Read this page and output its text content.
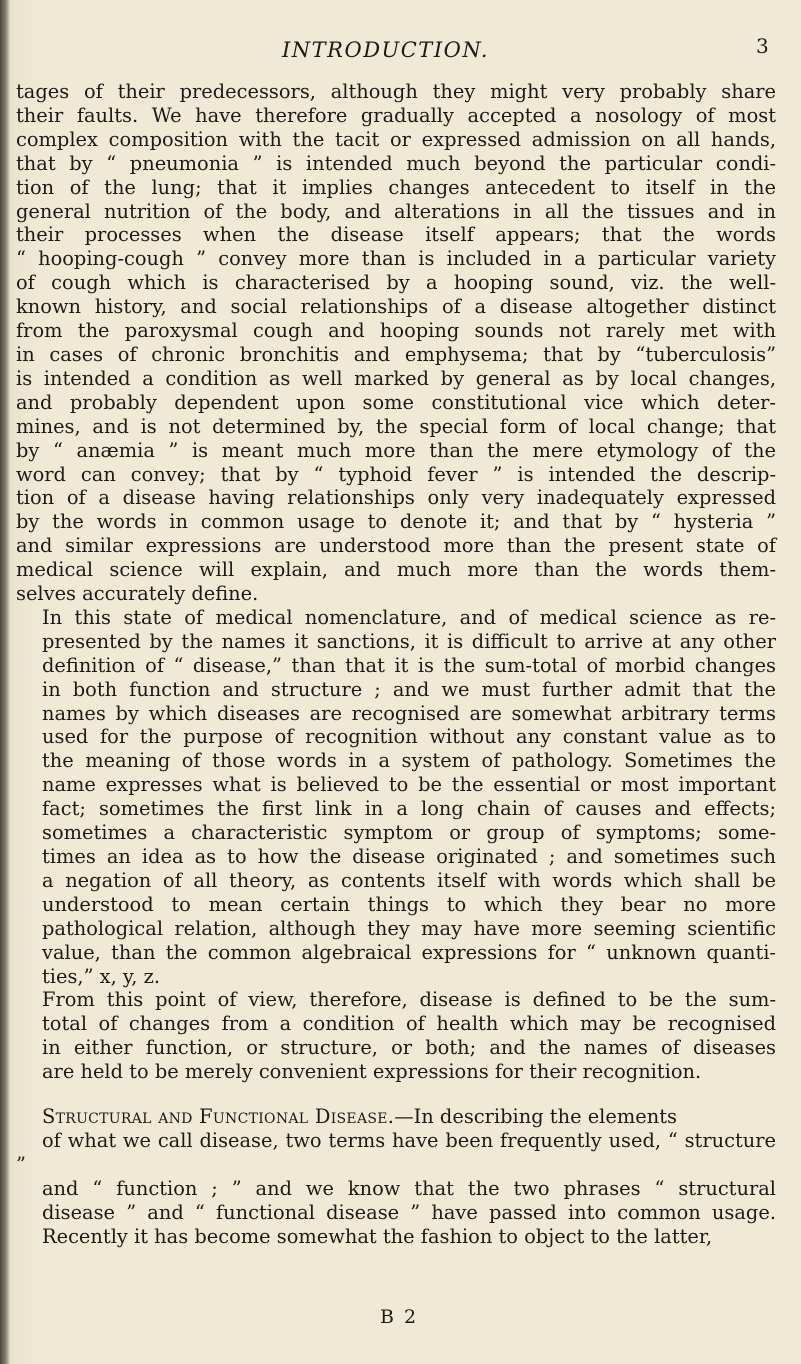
INTRODUCTION.	3
tages of their predecessors, although they might very probably share
their faults. We have therefore gradually accepted a nosology of most
complex composition with the tacit or expressed admission on all hands,
that by “ pneumonia ” is intended much beyond the particular condi-
tion of the lung; that it implies changes antecedent to itself in the
general nutrition of the body, and alterations in all the tissues and in
their processes when the disease itself appears; that the words
“ hooping-cough ” convey more than is included in a particular variety
of cough which is characterised by a hooping sound, viz. the well-
known history, and social relationships of a disease altogether distinct
from the paroxysmal cough and hooping sounds not rarely met with
in cases of chronic bronchitis and emphysema; that by “tuberculosis”
is intended a condition as well marked by general as by local changes,
and probably dependent upon some constitutional vice which deter-
mines, and is not determined by, the special form of local change; that
by “ anæmia ” is meant much more than the mere etymology of the
word can convey; that by “ typhoid fever ” is intended the descrip-
tion of a disease having relationships only very inadequately expressed
by the words in common usage to denote it; and that by “ hysteria ”
and similar expressions are understood more than the present state of
medical science will explain, and much more than the words them-
selves accurately define.
In this state of medical nomenclature, and of medical science as re-
presented by the names it sanctions, it is difficult to arrive at any other
definition of “ disease,” than that it is the sum-total of morbid changes
in both function and structure ; and we must further admit that the
names by which diseases are recognised are somewhat arbitrary terms
used for the purpose of recognition without any constant value as to
the meaning of those words in a system of pathology. Sometimes the
name expresses what is believed to be the essential or most important
fact; sometimes the first link in a long chain of causes and effects;
sometimes a characteristic symptom or group of symptoms; some-
times an idea as to how the disease originated ; and sometimes such
a negation of all theory, as contents itself with words which shall be
understood to mean certain things to which they bear no more
pathological relation, although they may have more seeming scientific
value, than the common algebraical expressions for “ unknown quanti-
ties,” x, y, z.
From this point of view, therefore, disease is defined to be the sum-
total of changes from a condition of health which may be recognised
in either function, or structure, or both; and the names of diseases
are held to be merely convenient expressions for their recognition.
Structural and Functional Disease.—In describing the elements
of what we call disease, two terms have been frequently used, “ structure ”
and “ function ; ” and we know that the two phrases “ structural
disease ” and “ functional disease ” have passed into common usage.
Recently it has become somewhat the fashion to object to the latter,
B 2
